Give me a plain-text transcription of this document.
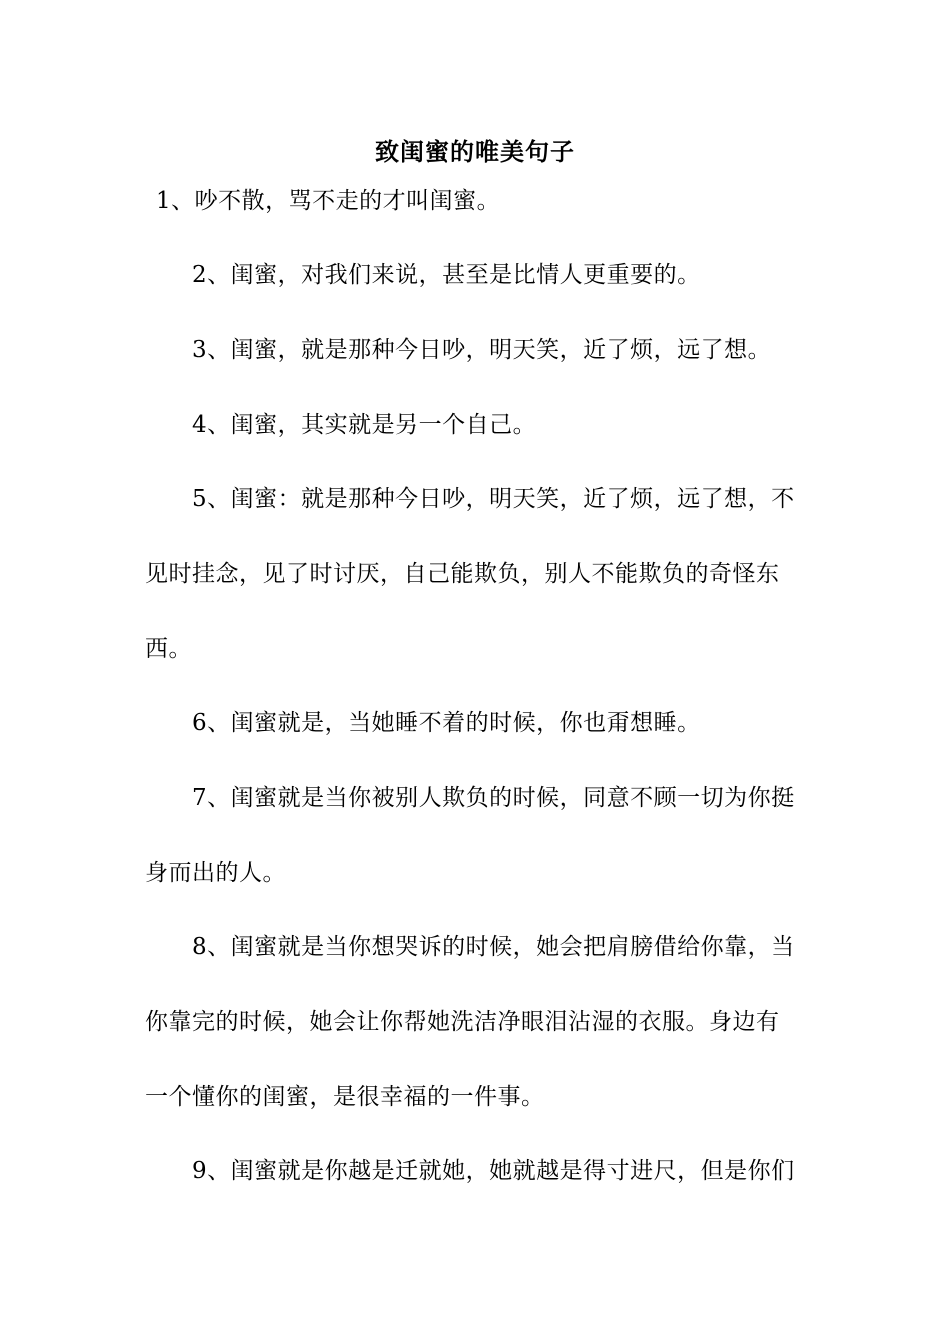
致闺蜜的唯美句子
1、吵不散，骂不走的才叫闺蜜。
2、闺蜜，对我们来说，甚至是比情人更重要的。
3、闺蜜，就是那种今日吵，明天笑，近了烦，远了想。
4、闺蜜，其实就是另一个自己。
5、闺蜜：就是那种今日吵，明天笑，近了烦，远了想，不
见时挂念，见了时讨厌，自己能欺负，别人不能欺负的奇怪东
西。
6、闺蜜就是，当她睡不着的时候，你也甭想睡。
7、闺蜜就是当你被别人欺负的时候，同意不顾一切为你挺
身而出的人。
8、闺蜜就是当你想哭诉的时候，她会把肩膀借给你靠，当
你靠完的时候，她会让你帮她洗洁净眼泪沾湿的衣服。身边有
一个懂你的闺蜜，是很幸福的一件事。
9、闺蜜就是你越是迁就她，她就越是得寸进尺，但是你们
